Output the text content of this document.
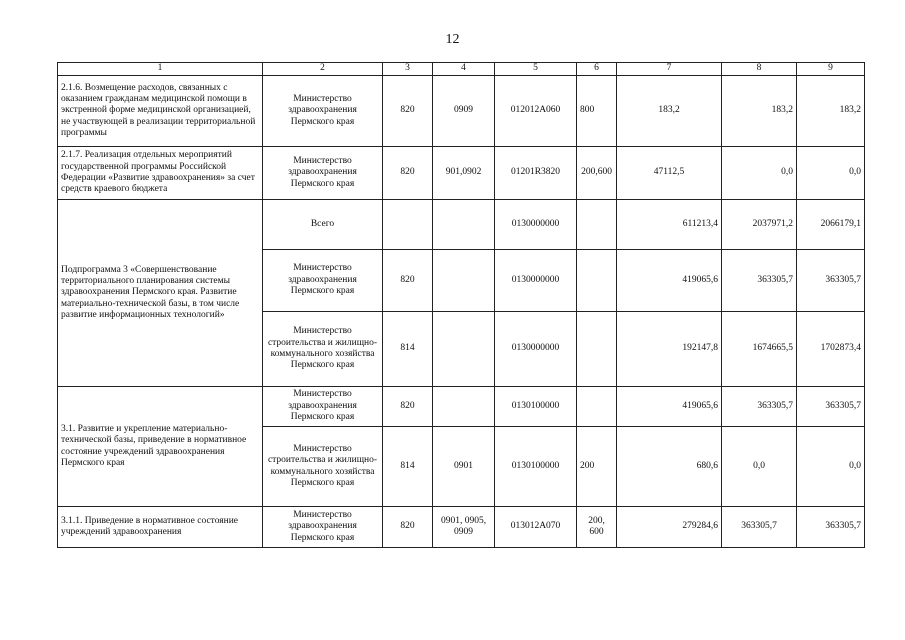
12
1	2	3	4	5	6	7	8	9
2.1.6. Возмещение расходов, связанных с оказанием гражданам медицинской помощи в экстренной форме медицинской организацией, не участвующей в реализации территориальной программы	Министерство здравоохранения Пермского края	820	0909	012012А060	800	183,2	183,2	183,2
2.1.7. Реализация отдельных мероприятий государственной программы Российской Федерации «Развитие здравоохранения» за счет средств краевого бюджета	Министерство здравоохранения Пермского края	820	901,0902	01201R3820	200,600	47112,5	0,0	0,0
Подпрограмма 3 «Совершенствование территориального планирования системы здравоохранения Пермского края. Развитие материально-технической базы, в том числе развитие информационных технологий»	Всего			0130000000		611213,4	2037971,2	2066179,1
	Министерство здравоохранения Пермского края	820		0130000000		419065,6	363305,7	363305,7
	Министерство строительства и жилищно-коммунального хозяйства Пермского края	814		0130000000		192147,8	1674665,5	1702873,4
3.1. Развитие и укрепление материально-технической базы, приведение в нормативное состояние учреждений здравоохранения Пермского края	Министерство здравоохранения Пермского края	820		0130100000		419065,6	363305,7	363305,7
	Министерство строительства и жилищно-коммунального хозяйства Пермского края	814	0901	0130100000	200	680,6	0,0	0,0
3.1.1. Приведение в нормативное состояние учреждений здравоохранения	Министерство здравоохранения Пермского края	820	0901, 0905, 0909	013012А070	200, 600	279284,6	363305,7	363305,7
